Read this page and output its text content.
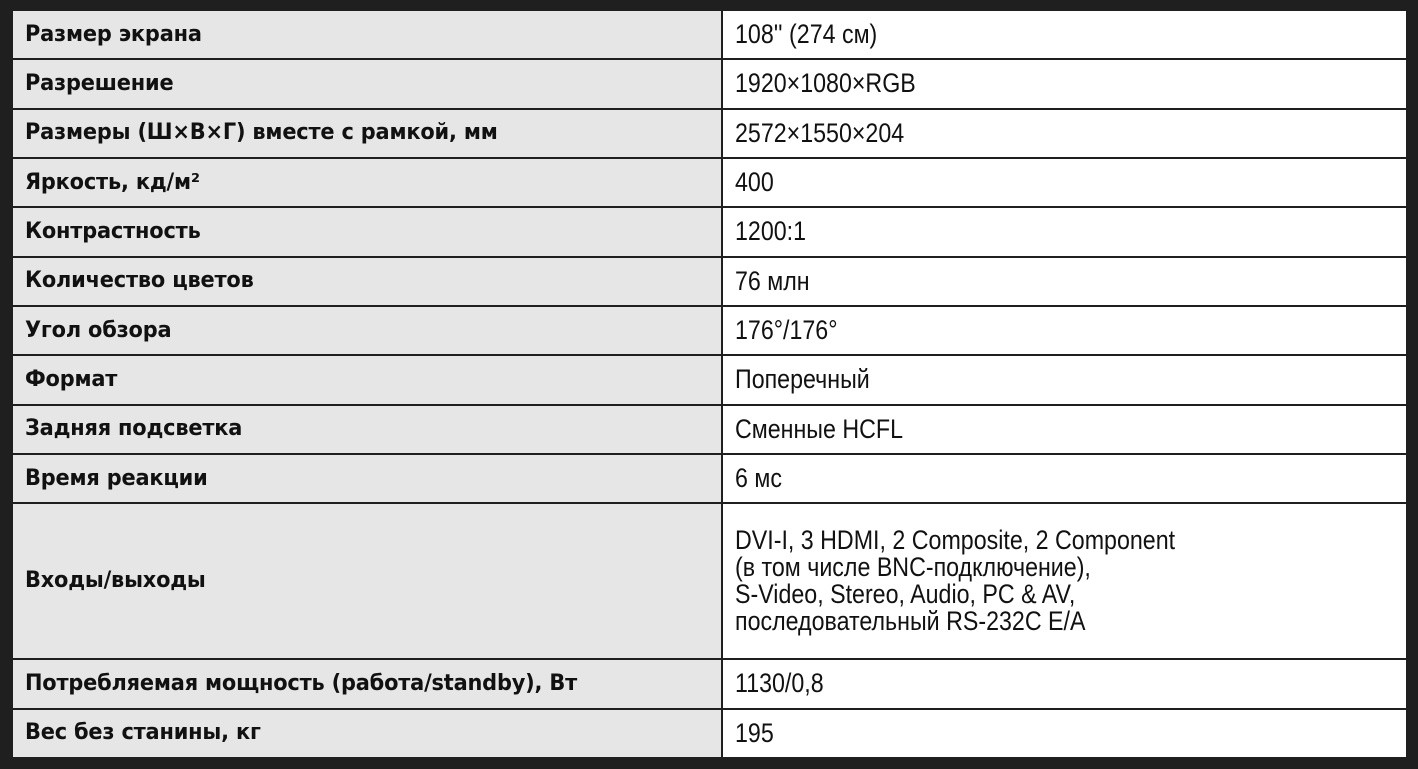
Размер экрана	108'' (274 см)
Разрешение	1920×1080×RGB
Размеры (Ш×В×Г) вместе с рамкой, мм	2572×1550×204
Яркость, кд/м²	400
Контрастность	1200:1
Количество цветов	76 млн
Угол обзора	176°/176°
Формат	Поперечный
Задняя подсветка	Сменные HCFL
Время реакции	6 мс
Входы/выходы	DVI-I, 3 HDMI, 2 Composite, 2 Component
(в том числе BNC-подключение),
S-Video, Stereo, Audio, PC & AV,
последовательный RS-232C E/A
Потребляемая мощность (работа/standby), Вт	1130/0,8
Вес без станины, кг	195
